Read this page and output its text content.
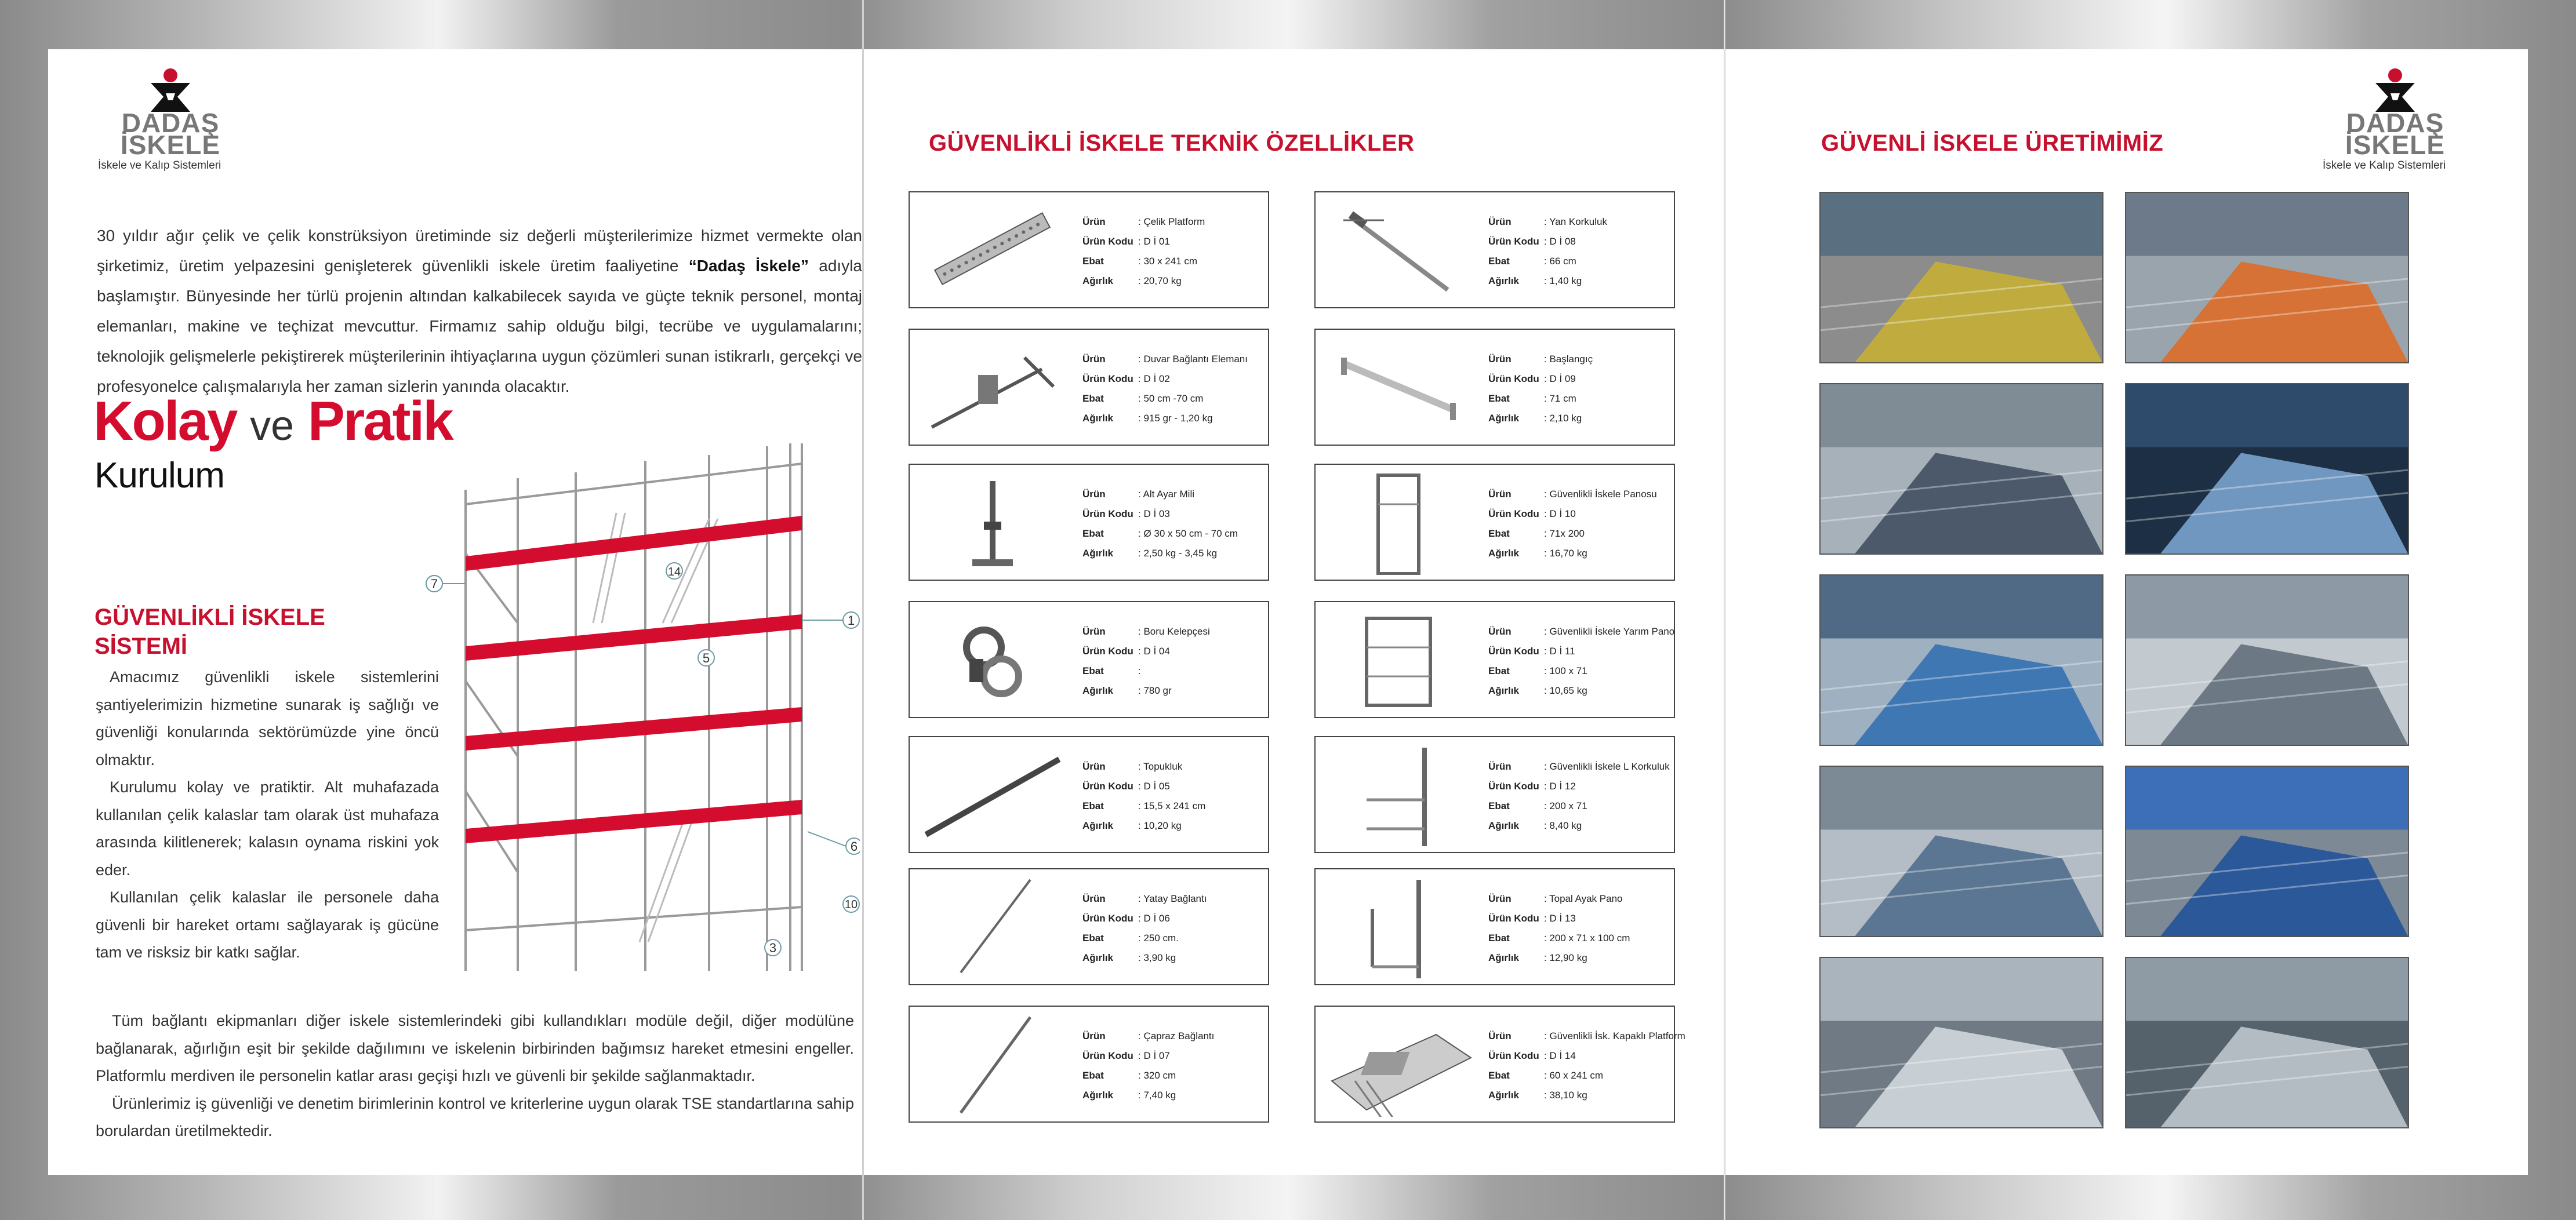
DADAŞ
İSKELE
İskele ve Kalıp Sistemleri
30 yıldır ağır çelik ve çelik konstrüksiyon üretiminde siz değerli müşterilerimize hizmet vermekte olan şirketimiz, üretim yelpazesini genişleterek güvenlikli iskele üretim faaliyetine “Dadaş İskele” adıyla başlamıştır. Bünyesinde her türlü projenin altından kalkabilecek sayıda ve güçte teknik personel, montaj elemanları, makine ve teçhizat mevcuttur. Firmamız sahip olduğu bilgi, tecrübe ve uygulamalarını; teknolojik gelişmelerle pekiştirerek müşterilerinin ihtiyaçlarına uygun çözümleri sunan istikrarlı, gerçekçi ve profesyonelce çalışmalarıyla her zaman sizlerin yanında olacaktır.
Kolay ve Pratik
Kurulum
GÜVENLİKLİ İSKELE
SİSTEMİ
Amacımız güvenlikli iskele sistemlerini şantiyelerimizin hizmetine sunarak iş sağlığı ve güvenliği konularında sektörümüzde yine öncü olmaktır.
Kurulumu kolay ve pratiktir. Alt muhafazada kullanılan çelik kalaslar tam olarak üst muhafaza arasında kilitlenerek; kalasın oynama riskini yok eder.
Kullanılan çelik kalaslar ile personele daha güvenli bir hareket ortamı sağlayarak iş gücüne tam ve risksiz bir katkı sağlar.
7
14
1
5
6
10
3
Tüm bağlantı ekipmanları diğer iskele sistemlerindeki gibi kullandıkları modüle değil, diğer modülüne bağlanarak, ağırlığın eşit bir şekilde dağılımını ve iskelenin birbirinden bağımsız hareket etmesini engeller. Platformlu merdiven ile personelin katlar arası geçişi hızlı ve güvenli bir şekilde sağlanmaktadır.
Ürünlerimiz iş güvenliği ve denetim birimlerinin kontrol ve kriterlerine uygun olarak TSE standartlarına sahip borulardan üretilmektedir.
GÜVENLİKLİ İSKELE TEKNİK ÖZELLİKLER
Ürün	: Çelik Platform
Ürün Kodu : D İ 01
Ebat	: 30 x 241 cm
Ağırlık	: 20,70 kg
Ürün	: Duvar Bağlantı Elemanı
Ürün Kodu : D İ 02
Ebat	: 50 cm -70 cm
Ağırlık	: 915 gr - 1,20 kg
Ürün	: Alt Ayar Mili
Ürün Kodu : D İ 03
Ebat	: Ø 30 x 50 cm - 70 cm
Ağırlık	: 2,50 kg - 3,45 kg
Ürün	: Boru Kelepçesi
Ürün Kodu : D İ 04
Ebat	:
Ağırlık	: 780 gr
Ürün	: Topukluk
Ürün Kodu : D İ 05
Ebat	: 15,5 x 241 cm
Ağırlık	: 10,20 kg
Ürün	: Yatay Bağlantı
Ürün Kodu : D İ 06
Ebat	: 250 cm.
Ağırlık	: 3,90 kg
Ürün	: Çapraz Bağlantı
Ürün Kodu : D İ 07
Ebat	: 320 cm
Ağırlık	: 7,40 kg
Ürün	: Yan Korkuluk
Ürün Kodu : D İ 08
Ebat	: 66 cm
Ağırlık	: 1,40 kg
Ürün	: Başlangıç
Ürün Kodu : D İ 09
Ebat	: 71 cm
Ağırlık	: 2,10 kg
Ürün	: Güvenlikli İskele Panosu
Ürün Kodu : D İ 10
Ebat	: 71x 200
Ağırlık	: 16,70 kg
Ürün	: Güvenlikli İskele Yarım Pano
Ürün Kodu : D İ 11
Ebat	: 100 x 71
Ağırlık	: 10,65 kg
Ürün	: Güvenlikli İskele L Korkuluk
Ürün Kodu : D İ 12
Ebat	: 200 x 71
Ağırlık	: 8,40 kg
Ürün	: Topal Ayak Pano
Ürün Kodu : D İ 13
Ebat	: 200 x 71 x 100 cm
Ağırlık	: 12,90 kg
Ürün	: Güvenlikli İsk. Kapaklı Platform
Ürün Kodu : D İ 14
Ebat	: 60 x 241 cm
Ağırlık	: 38,10 kg
GÜVENLİ İSKELE ÜRETİMİMİZ
DADAŞ
İSKELE
İskele ve Kalıp Sistemleri
